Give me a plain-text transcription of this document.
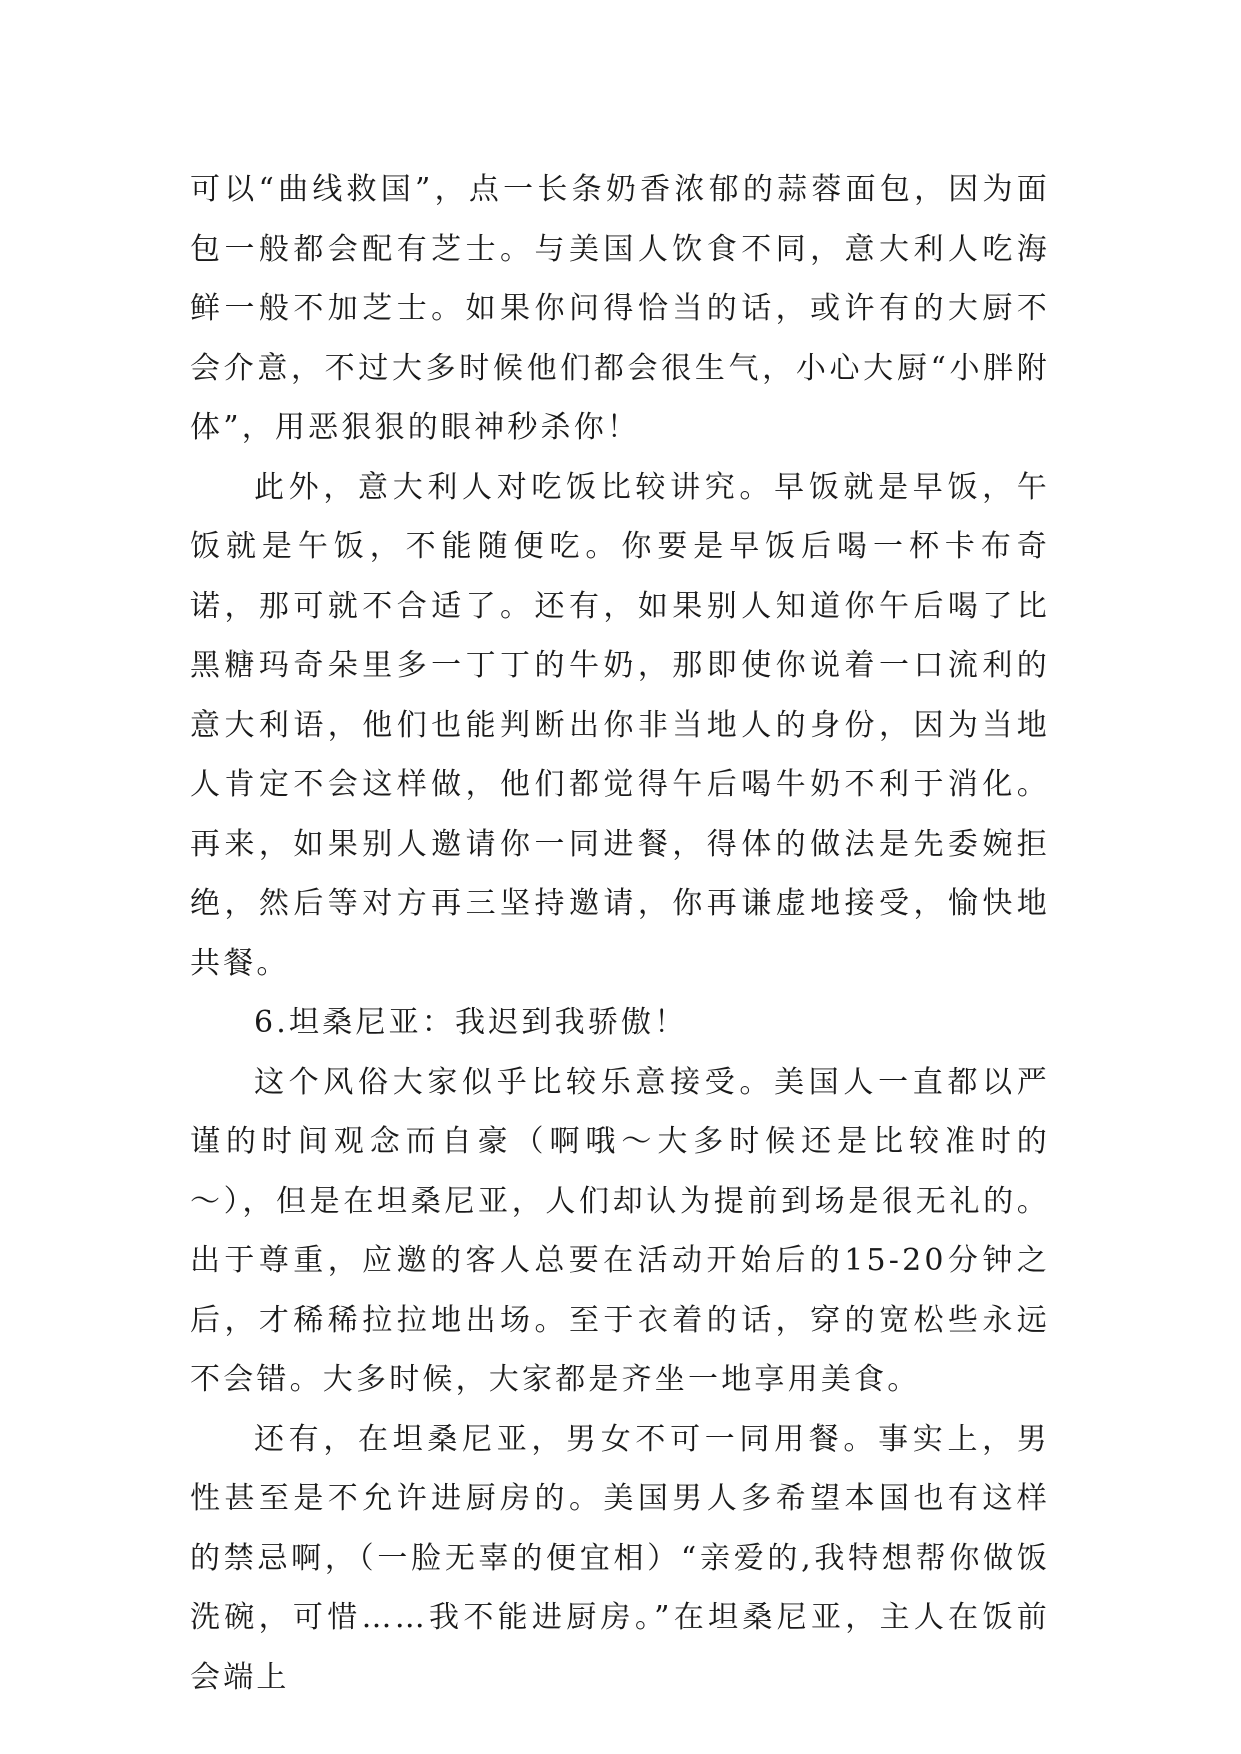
可以“曲线救国”，点一长条奶香浓郁的蒜蓉面包，因为面包一般都会配有芝士。与美国人饮食不同，意大利人吃海鲜一般不加芝士。如果你问得恰当的话，或许有的大厨不会介意，不过大多时候他们都会很生气，小心大厨“小胖附体”，用恶狠狠的眼神秒杀你！

此外，意大利人对吃饭比较讲究。早饭就是早饭，午饭就是午饭，不能随便吃。你要是早饭后喝一杯卡布奇诺，那可就不合适了。还有，如果别人知道你午后喝了比黑糖玛奇朵里多一丁丁的牛奶，那即使你说着一口流利的意大利语，他们也能判断出你非当地人的身份，因为当地人肯定不会这样做，他们都觉得午后喝牛奶不利于消化。再来，如果别人邀请你一同进餐，得体的做法是先委婉拒绝，然后等对方再三坚持邀请，你再谦虚地接受，愉快地共餐。

6.坦桑尼亚：我迟到我骄傲！

这个风俗大家似乎比较乐意接受。美国人一直都以严谨的时间观念而自豪（啊哦～大多时候还是比较准时的～），但是在坦桑尼亚，人们却认为提前到场是很无礼的。出于尊重，应邀的客人总要在活动开始后的15-20分钟之后，才稀稀拉拉地出场。至于衣着的话，穿的宽松些永远不会错。大多时候，大家都是齐坐一地享用美食。

还有，在坦桑尼亚，男女不可一同用餐。事实上，男性甚至是不允许进厨房的。美国男人多希望本国也有这样的禁忌啊，（一脸无辜的便宜相）“亲爱的,我特想帮你做饭洗碗，可惜……我不能进厨房。”在坦桑尼亚，主人在饭前会端上
